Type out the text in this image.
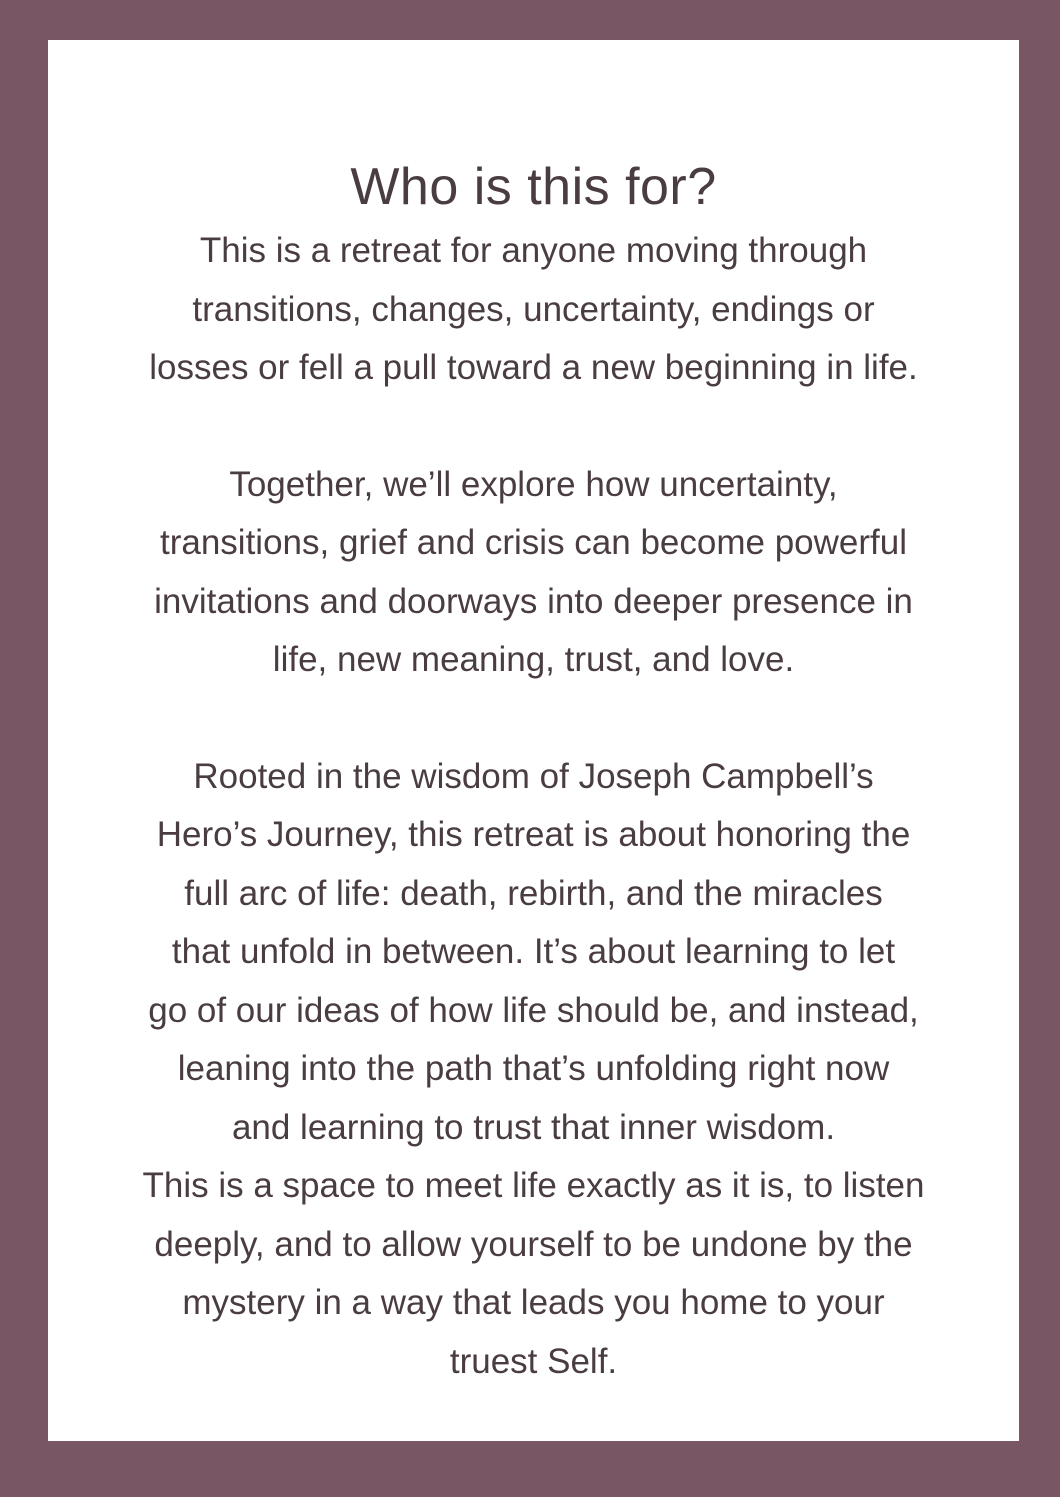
Who is this for?

This is a retreat for anyone moving through
transitions, changes, uncertainty, endings or
losses or fell a pull toward a new beginning in life.

Together, we’ll explore how uncertainty,
transitions, grief and crisis can become powerful
invitations and doorways into deeper presence in
life, new meaning, trust, and love.

Rooted in the wisdom of Joseph Campbell’s
Hero’s Journey, this retreat is about honoring the
full arc of life: death, rebirth, and the miracles
that unfold in between. It’s about learning to let
go of our ideas of how life should be, and instead,
leaning into the path that’s unfolding right now
and learning to trust that inner wisdom.

This is a space to meet life exactly as it is, to listen
deeply, and to allow yourself to be undone by the
mystery in a way that leads you home to your
truest Self.
